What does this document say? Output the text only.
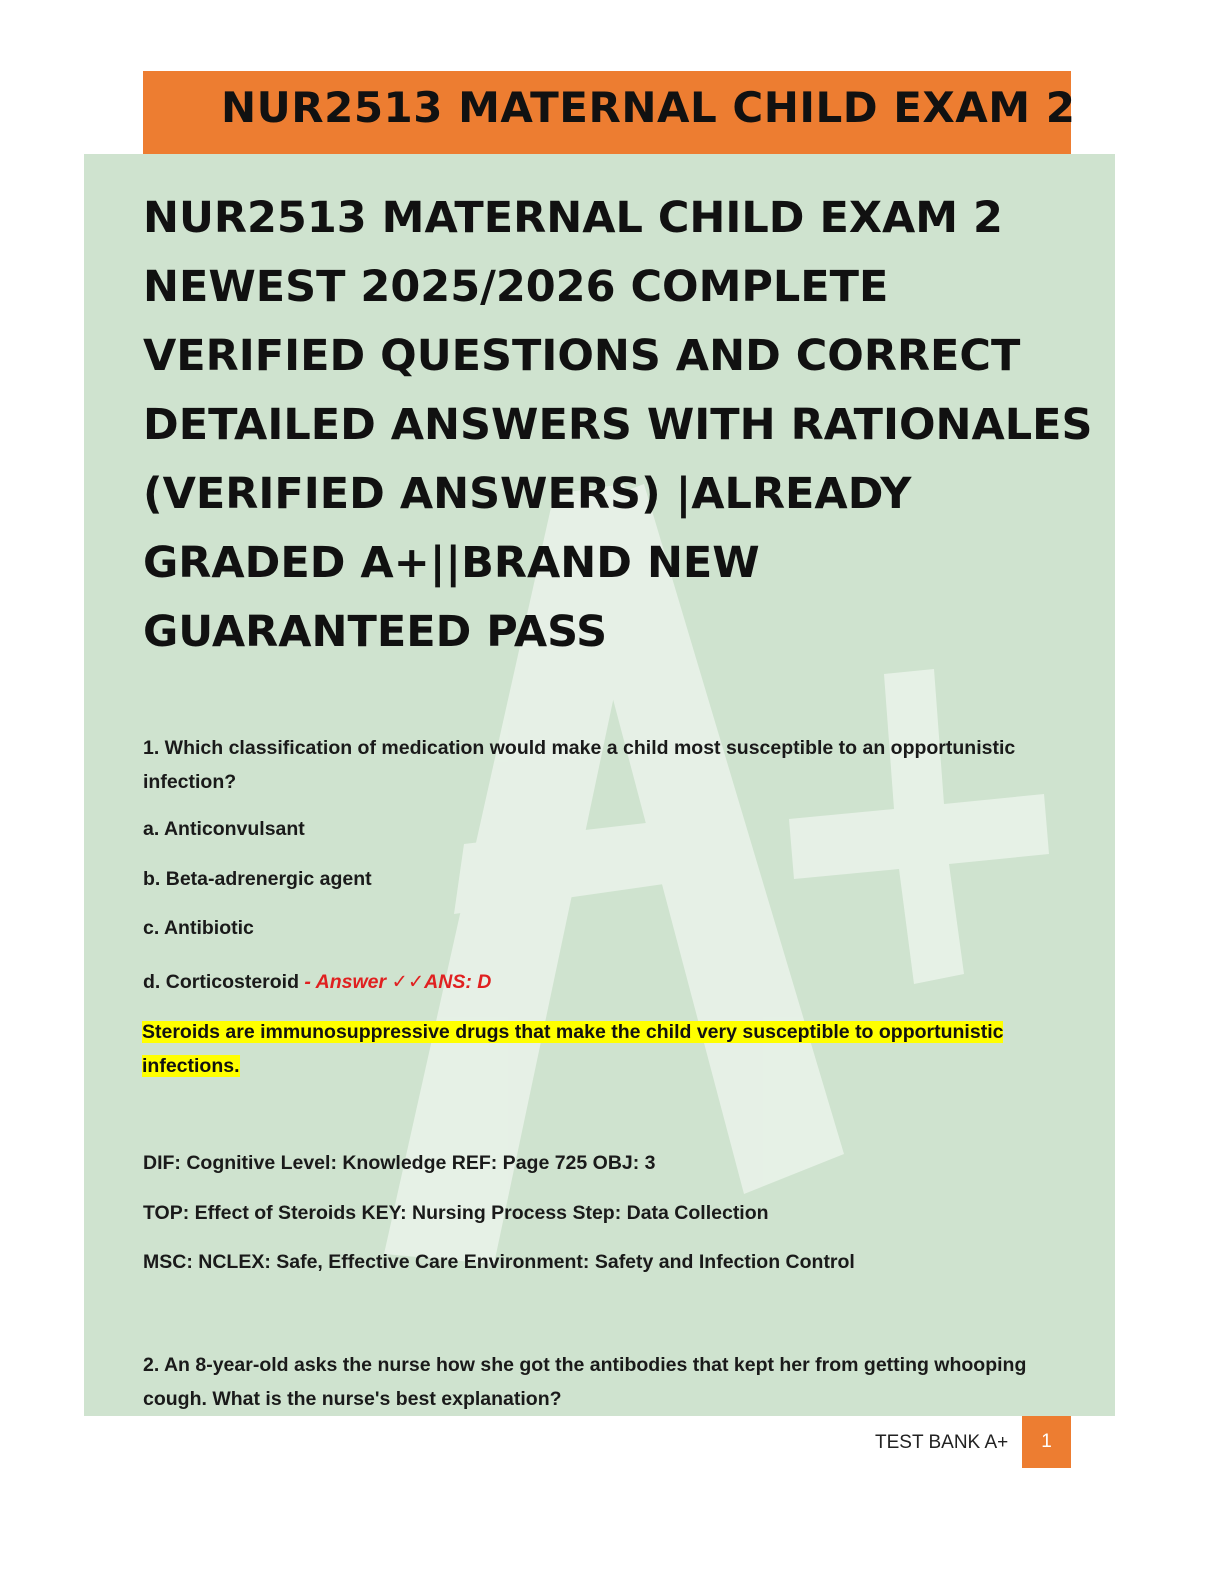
NUR2513 MATERNAL CHILD EXAM 2
NUR2513 MATERNAL CHILD EXAM 2 NEWEST 2025/2026 COMPLETE VERIFIED QUESTIONS AND CORRECT DETAILED ANSWERS WITH RATIONALES (VERIFIED ANSWERS) |ALREADY GRADED A+||BRAND NEW GUARANTEED PASS
1. Which classification of medication would make a child most susceptible to an opportunistic infection?
a. Anticonvulsant
b. Beta-adrenergic agent
c. Antibiotic
d. Corticosteroid - Answer ✓✓ANS: D
Steroids are immunosuppressive drugs that make the child very susceptible to opportunistic infections.
DIF: Cognitive Level: Knowledge REF: Page 725 OBJ: 3
TOP: Effect of Steroids KEY: Nursing Process Step: Data Collection
MSC: NCLEX: Safe, Effective Care Environment: Safety and Infection Control
2. An 8-year-old asks the nurse how she got the antibodies that kept her from getting whooping cough. What is the nurse's best explanation?
TEST BANK A+	1
